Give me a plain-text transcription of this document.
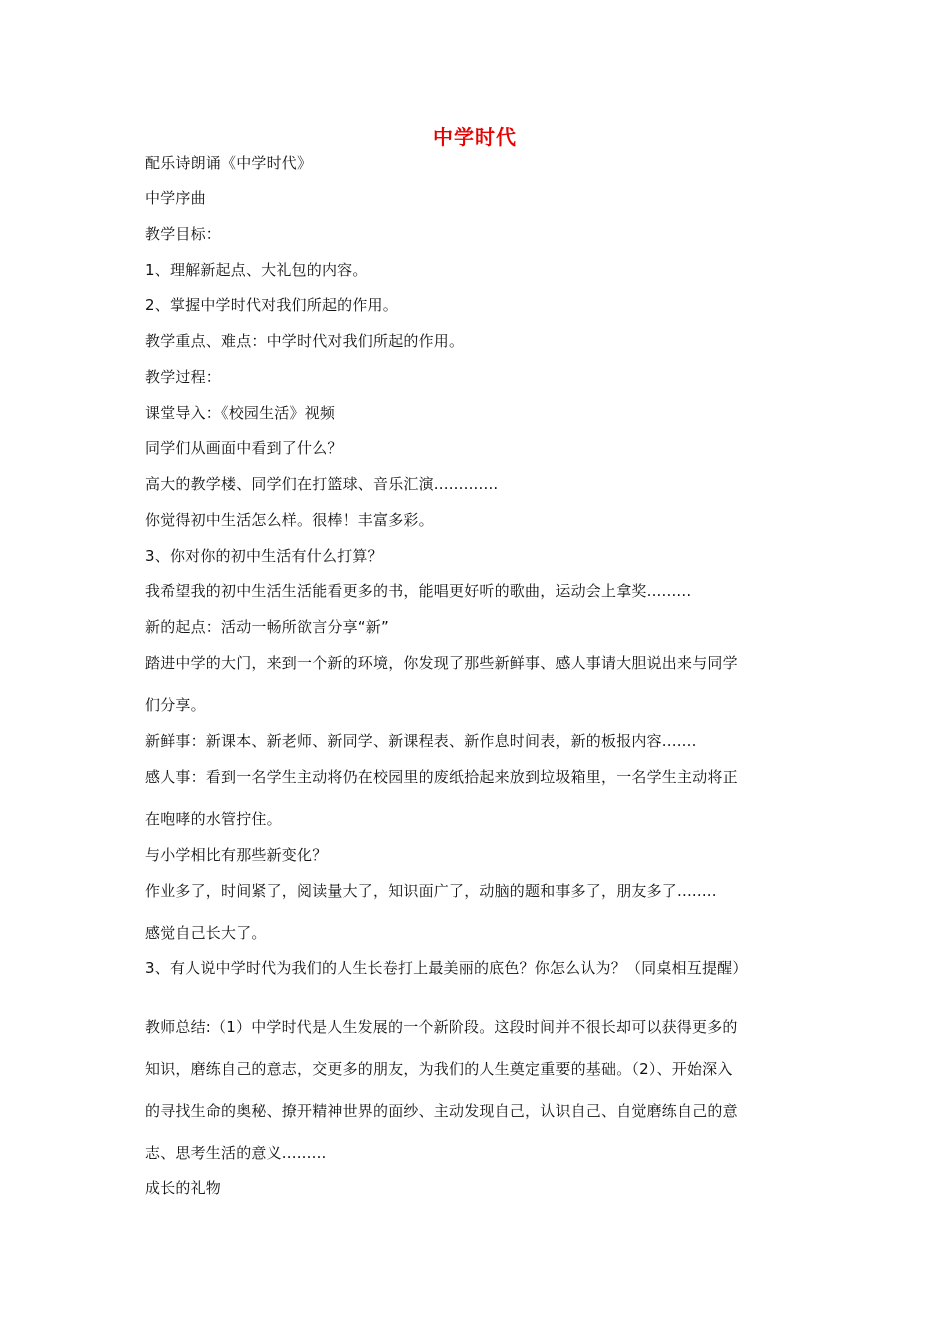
中学时代
配乐诗朗诵《中学时代》
中学序曲
教学目标：
1、理解新起点、大礼包的内容。
2、掌握中学时代对我们所起的作用。
教学重点、难点：中学时代对我们所起的作用。
教学过程：
课堂导入：《校园生活》视频
同学们从画面中看到了什么？
高大的教学楼、同学们在打篮球、音乐汇演.............
你觉得初中生活怎么样。很棒！丰富多彩。
3、你对你的初中生活有什么打算？
我希望我的初中生活生活能看更多的书，能唱更好听的歌曲，运动会上拿奖.........
新的起点：活动一畅所欲言分享“新”
踏进中学的大门，来到一个新的环境，你发现了那些新鲜事、感人事请大胆说出来与同学
们分享。
新鲜事：新课本、新老师、新同学、新课程表、新作息时间表，新的板报内容.......
感人事：看到一名学生主动将仍在校园里的废纸拾起来放到垃圾箱里，一名学生主动将正
在咆哮的水管拧住。
与小学相比有那些新变化？
作业多了，时间紧了，阅读量大了，知识面广了，动脑的题和事多了，朋友多了........
感觉自己长大了。
3、有人说中学时代为我们的人生长卷打上最美丽的底色？你怎么认为？（同桌相互提醒）
教师总结:（1）中学时代是人生发展的一个新阶段。这段时间并不很长却可以获得更多的
知识，磨练自己的意志，交更多的朋友，为我们的人生奠定重要的基础。（2）、开始深入
的寻找生命的奥秘、撩开精神世界的面纱、主动发现自己，认识自己、自觉磨练自己的意
志、思考生活的意义.........
成长的礼物
